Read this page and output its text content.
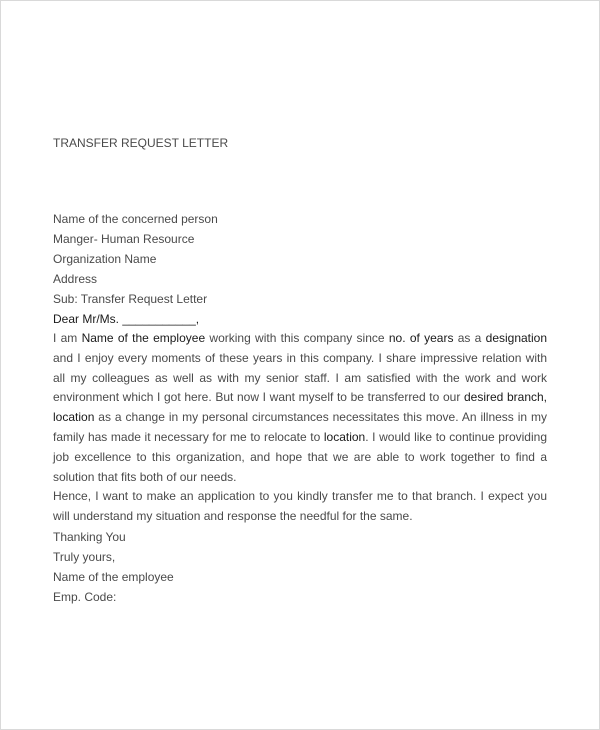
TRANSFER REQUEST LETTER

Name of the concerned person

Manger- Human Resource

Organization Name

Address

Sub: Transfer Request Letter

Dear Mr/Ms. ___________,

I am Name of the employee working with this company since no. of years as a designation and I enjoy every moments of these years in this company. I share impressive relation with all my colleagues as well as with my senior staff. I am satisfied with the work and work environment which I got here. But now I want myself to be transferred to our desired branch, location as a change in my personal circumstances necessitates this move. An illness in my family has made it necessary for me to relocate to location. I would like to continue providing job excellence to this organization, and hope that we are able to work together to find a solution that fits both of our needs.

Hence, I want to make an application to you kindly transfer me to that branch. I expect you will understand my situation and response the needful for the same.

Thanking You

Truly yours,

Name of the employee

Emp. Code:
